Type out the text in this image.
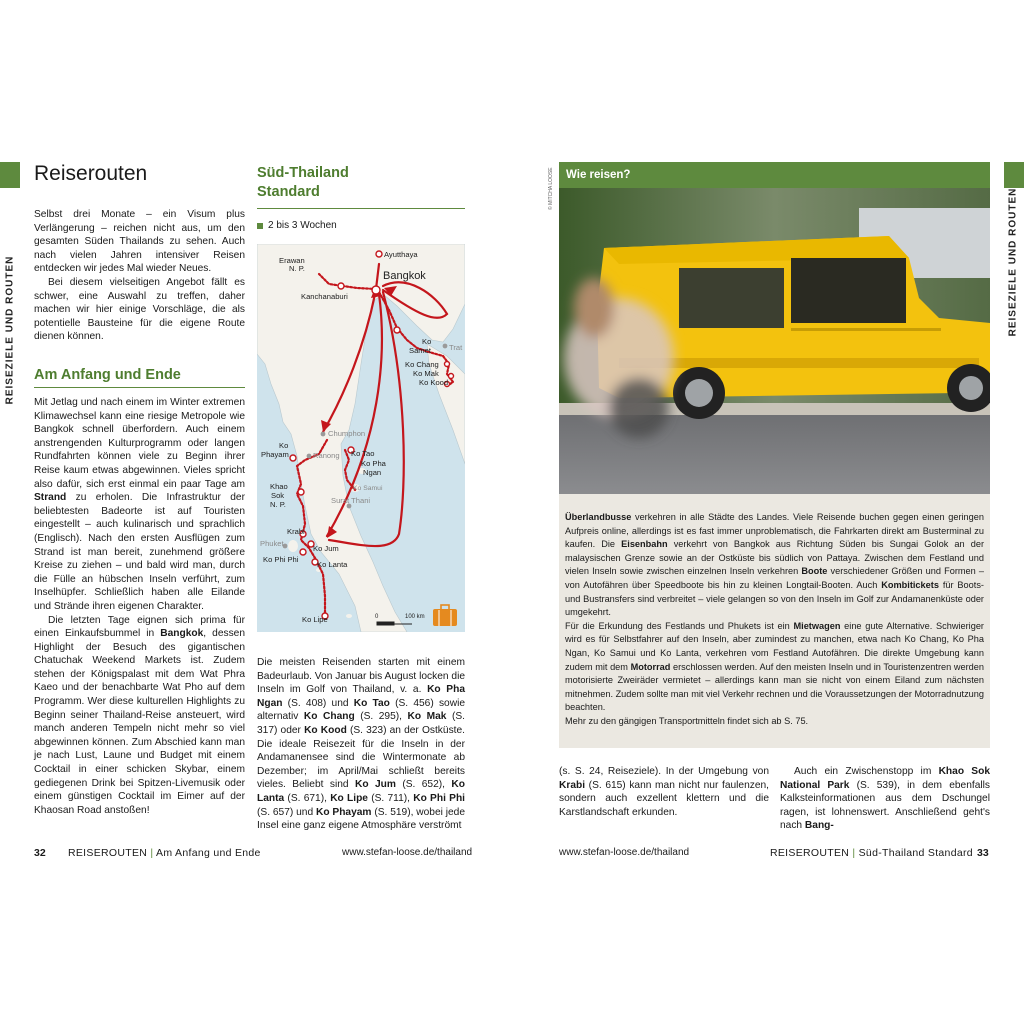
REISEZIELE UND ROUTEN	REISEZIELE UND ROUTEN
Reiserouten

Selbst drei Monate – ein Visum plus Verlängerung – reichen nicht aus, um den gesamten Süden Thailands zu sehen. Auch nach vielen Jahren intensiver Reisen entdecken wir jedes Mal wieder Neues.

Bei diesem vielseitigen Angebot fällt es schwer, eine Auswahl zu treffen, daher machen wir hier einige Vorschläge, die als potentielle Bausteine für die eigene Route dienen können.

Am Anfang und Ende

Mit Jetlag und nach einem im Winter extremen Klimawechsel kann eine riesige Metropole wie Bangkok schnell überfordern. Auch einem anstrengenden Kulturprogramm oder langen Rundfahrten können viele zu Beginn ihrer Reise kaum etwas abgewinnen. Vieles spricht also dafür, sich erst einmal ein paar Tage am Strand zu erholen. Die Infrastruktur der beliebtesten Badeorte ist auf Touristen eingestellt – auch kulinarisch und sprachlich (Englisch). Nach den ersten Ausflügen zum Strand ist man bereit, zunehmend größere Kreise zu ziehen – und bald wird man, durch die Fülle an hübschen Inseln verführt, zum Inselhüpfer. Schließlich haben alle Eilande und Strände ihren eigenen Charakter.

Die letzten Tage eignen sich prima für einen Einkaufsbummel in Bangkok, dessen Highlight der Besuch des gigantischen Chatuchak Weekend Markets ist. Zudem stehen der Königspalast mit dem Wat Phra Kaeo und der benachbarte Wat Pho auf dem Programm. Wer diese kulturellen Highlights zu Beginn seiner Thailand-Reise ansteuert, wird manch anderen Tempeln nicht mehr so viel abgewinnen können. Zum Abschied kann man je nach Lust, Laune und Budget mit einem Cocktail in einer schicken Skybar, einem gediegenen Drink bei Spitzen-Livemusik oder einem günstigen Cocktail im Eimer auf der Khaosan Road anstoßen!

Süd-Thailand
Standard
2 bis 3 Wochen
Ayutthaya
Erawan
N. P.
Bangkok
Kanchanaburi
Ko
Samet Trat
Ko Chang
Ko Mak
Ko Kood
Chumphon
Ko
Phayam	Ranong Ko Tao
Ko Pha
Ngan
Ko Samui
Surat Thani
Khao
Sok
N. P.
Krabi
Phuket
Ko Jum
Ko Phi Phi
Ko Lanta
Ko Lipe	0	100 km

Die meisten Reisenden starten mit einem Badeurlaub. Von Januar bis August locken die Inseln im Golf von Thailand, v. a. Ko Pha Ngan (S. 408) und Ko Tao (S. 456) sowie alternativ Ko Chang (S. 295), Ko Mak (S. 317) oder Ko Kood (S. 323) an der Ostküste. Die ideale Reisezeit für die Inseln in der Andamanensee sind die Wintermonate ab Dezember; im April/Mai schließt bereits vieles. Beliebt sind Ko Jum (S. 652), Ko Lanta (S. 671), Ko Lipe (S. 711), Ko Phi Phi (S. 657) und Ko Phayam (S. 519), wobei jede Insel eine ganz eigene Atmosphäre verströmt

32 REISEROUTEN | Am Anfang und Ende	www.stefan-loose.de/thailand
Wie reisen?
© MITCHA LOOSE

Überlandbusse verkehren in alle Städte des Landes. Viele Reisende buchen gegen einen geringen Aufpreis online, allerdings ist es fast immer unproblematisch, die Fahrkarten direkt am Busterminal zu kaufen. Die Eisenbahn verkehrt von Bangkok aus Richtung Süden bis Sungai Golok an der malaysischen Grenze sowie an der Ostküste bis südlich von Pattaya. Zwischen dem Festland und vielen Inseln sowie zwischen einzelnen Inseln verkehren Boote verschiedener Größen und Formen – von Autofähren über Speedboote bis hin zu kleinen Longtail-Booten. Auch Kombitickets für Boots- und Bustransfers sind verbreitet – viele gelangen so von den Inseln im Golf zur Andamanenküste oder umgekehrt.

Für die Erkundung des Festlands und Phukets ist ein Mietwagen eine gute Alternative. Schwieriger wird es für Selbstfahrer auf den Inseln, aber zumindest zu manchen, etwa nach Ko Chang, Ko Pha Ngan, Ko Samui und Ko Lanta, verkehren vom Festland Autofähren. Die direkte Umgebung kann zudem mit dem Motorrad erschlossen werden. Auf den meisten Inseln und in Touristenzentren werden motorisierte Zweiräder vermietet – allerdings kann man sie nicht von einem Eiland zum nächsten mitnehmen. Zudem sollte man mit viel Verkehr rechnen und die Voraussetzungen der Motorradnutzung beachten.

Mehr zu den gängigen Transportmitteln findet sich ab S. 75.

(s. S. 24, Reiseziele). In der Umgebung von Krabi (S. 615) kann man nicht nur faulenzen, sondern auch exzellent klettern und die Karstlandschaft erkunden.

Auch ein Zwischenstopp im Khao Sok National Park (S. 539), in dem ebenfalls Kalksteinformationen aus dem Dschungel ragen, ist lohnenswert. Anschließend geht's nach Bang-

www.stefan-loose.de/thailand	REISEROUTEN | Süd-Thailand Standard 33
